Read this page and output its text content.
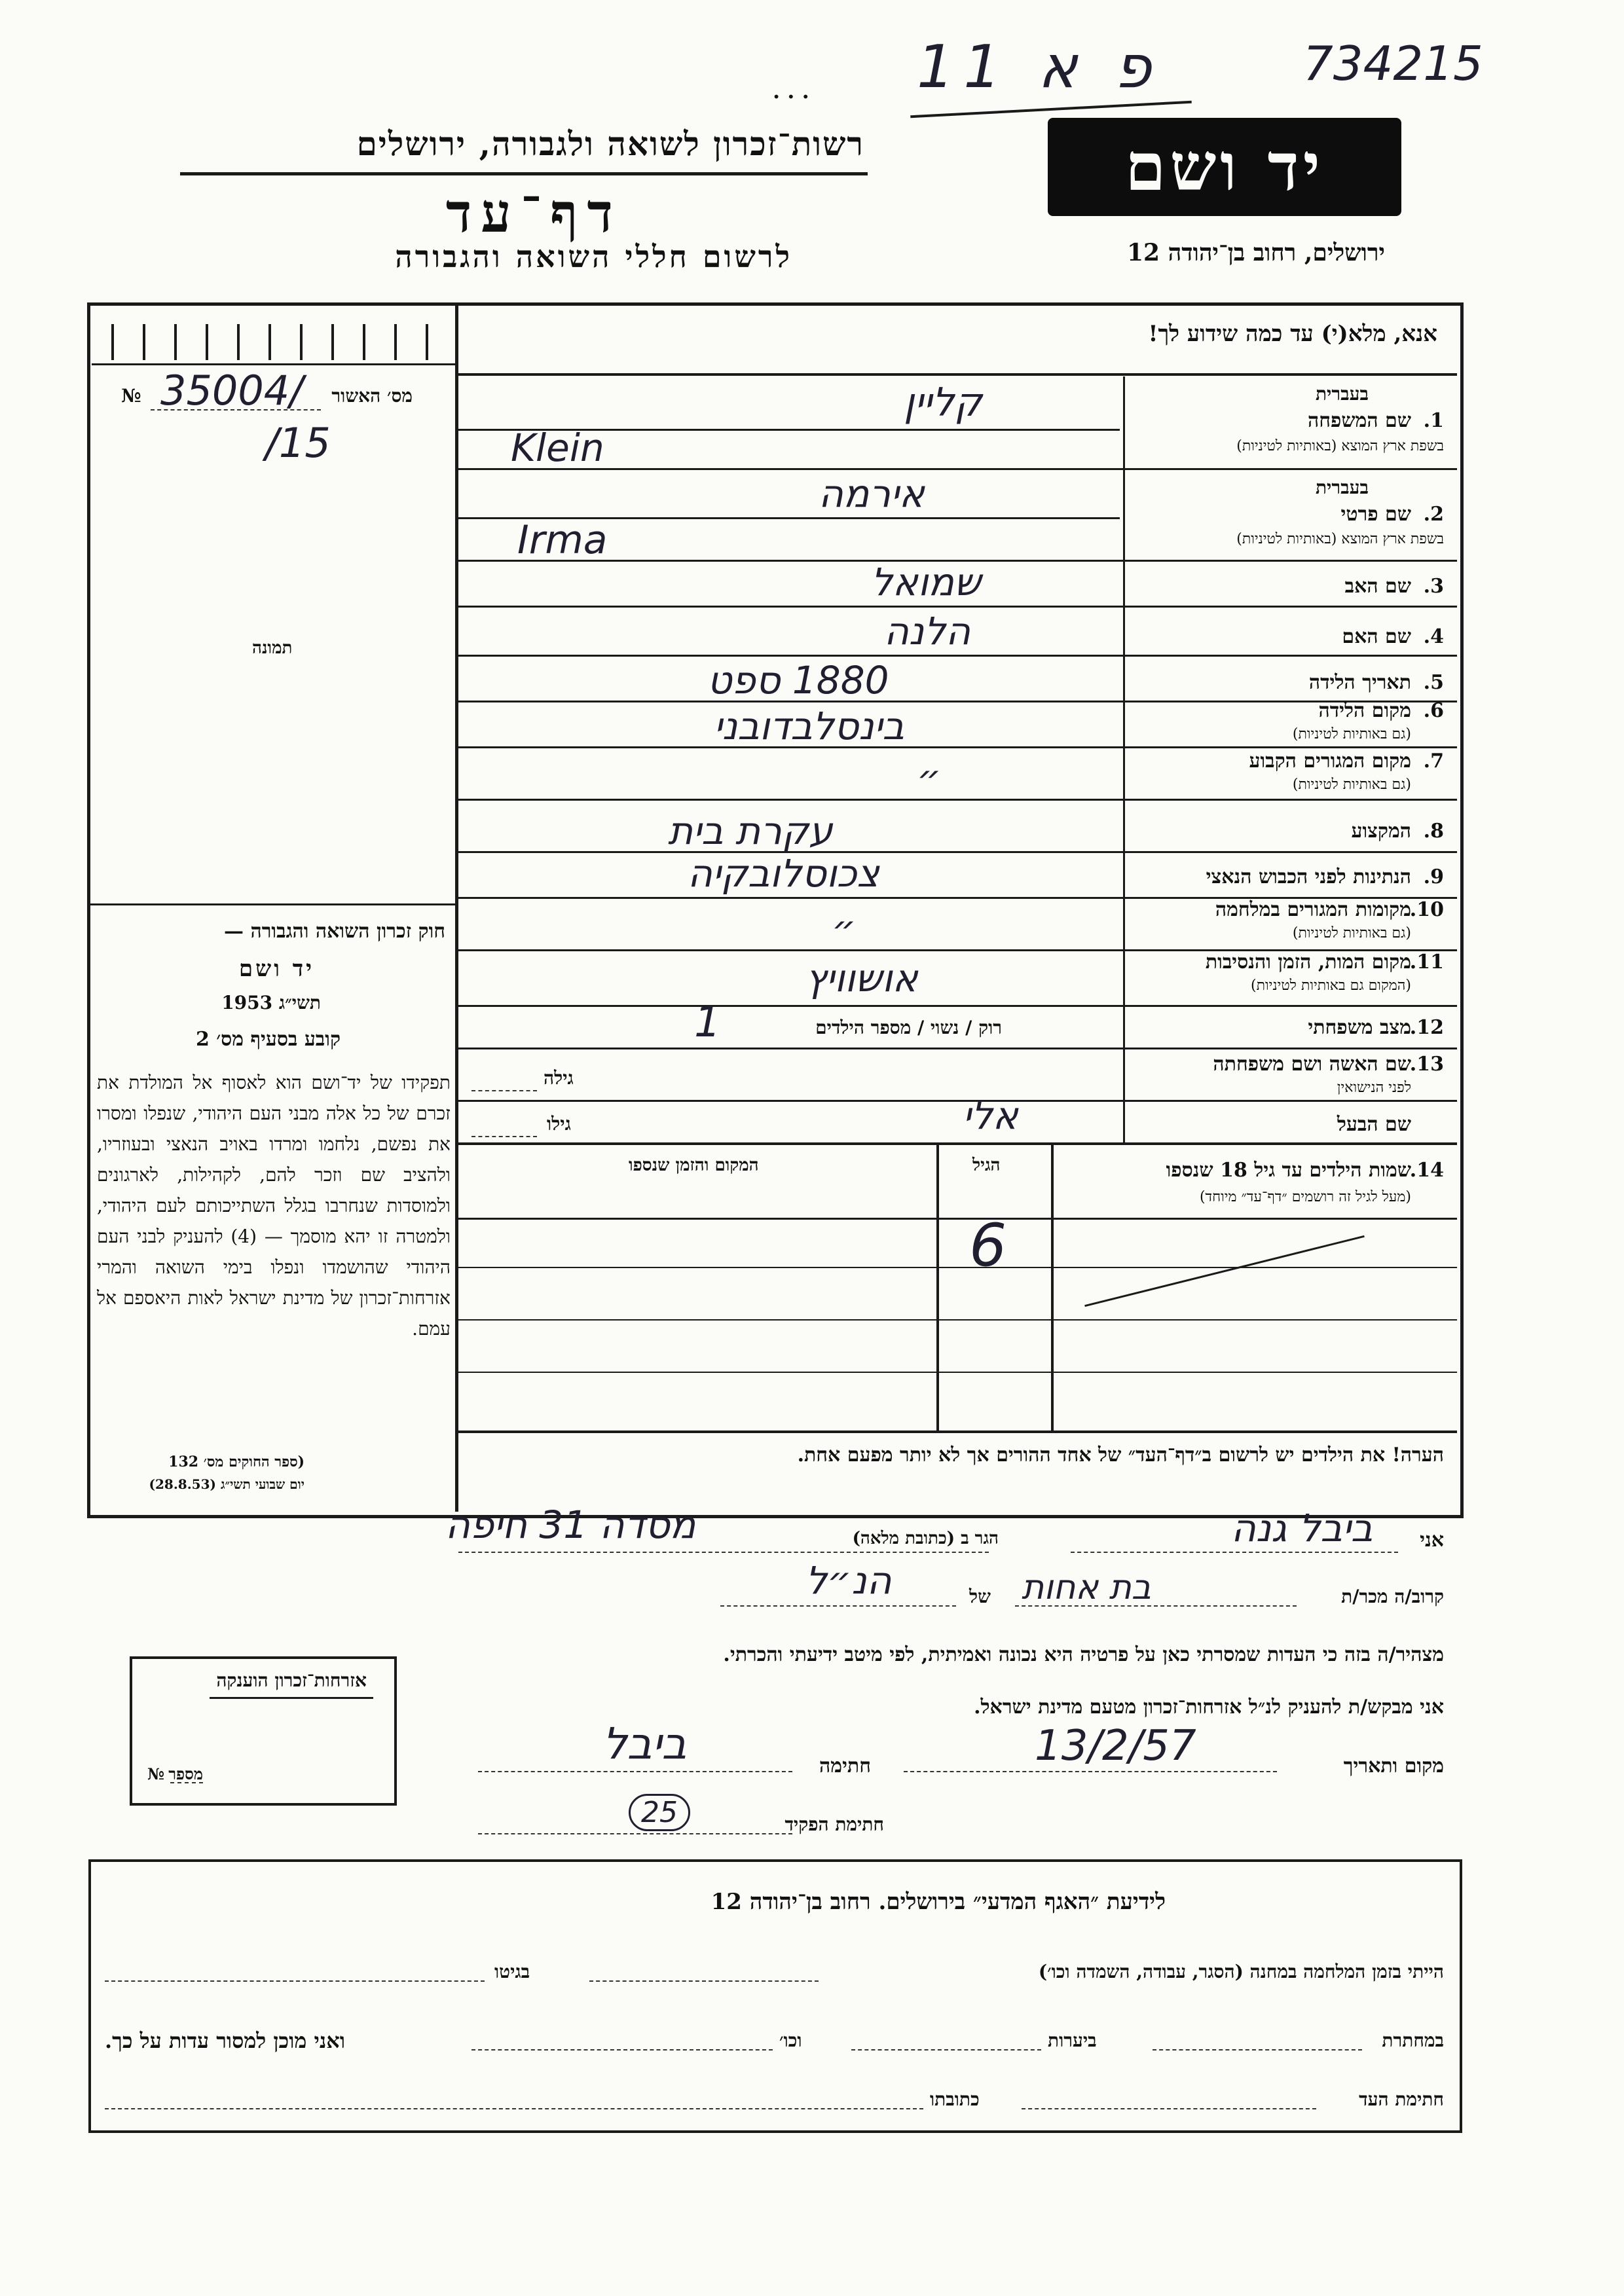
פ א 11	734215
. . .
רשות־זכרון לשואה ולגבורה, ירושלים
דף־עד
לרשום חללי השואה והגבורה
יד ושם
ירושלים, רחוב בן־יהודה 12
אנא, מלא(י) עד כמה שידוע לך!
מס׳ האשור
№ 35004/
/15
תמונה
1.
שם המשפחה
בעברית
בשפת ארץ המוצא (באותיות לטיניות)
קליין
Klein
2.
שם פרטי
בעברית
בשפת ארץ המוצא (באותיות לטיניות)
אירמה
Irma
3.
שם האב
שמואל
4.
שם האם
הלנה
5.
תאריך הלידה
1880 ספט
6.
מקום הלידה
(גם באותיות לטיניות)
בינסלבדובני
7.
מקום המגורים הקבוע
(גם באותיות לטיניות)
״
8.
המקצוע
עקרת בית
9.
הנתינות לפני הכבוש הנאצי
צכוסלובקיה
10.
מקומות המגורים במלחמה
(גם באותיות לטיניות)
״
11.
מקום המות, הזמן והנסיבות
(המקום גם באותיות לטיניות)
אושוויץ
12.
מצב משפחתי
רוק / נשוי / מספר הילדים
1
13.
שם האשה ושם משפחתה
לפני הנישואין
גילה
שם הבעל
אלי
גילו
14.
שמות הילדים עד גיל 18 שנספו
(מעל לגיל זה רושמים ״דף־עד״ מיוחד)
הגיל
המקום והזמן שנספו
6
הערה! את הילדים יש לרשום ב״דף־העד״ של אחד ההורים אך לא יותר מפעם אחת.
חוק זכרון השואה והגבורה —
יד ושם
תשי״ג 1953
קובע בסעיף מס׳ 2
תפקידו של יד־ושם הוא לאסוף אל המולדת את זכרם של כל אלה מבני העם היהודי, שנפלו ומסרו את נפשם, נלחמו ומרדו באויב הנאצי ובעוזריו, ולהציב שם וזכר להם, לקהילות, לארגונים ולמוסדות שנחרבו בגלל השתייכותם לעם היהודי, ולמטרה זו יהא מוסמך — (4) להעניק לבני העם היהודי שהושמדו ונפלו בימי השואה והמרי אזרחות־זכרון של מדינת ישראל לאות היאספם אל עמם.
(ספר החוקים מס׳ 132
יום שבועי תשי״ג (28.8.53)
אני
ביבל גנה
הגר ב (כתובת מלאה)
מסדה 31 חיפה
קרוב/ה מכר/ת
בת אחות
של
הנ״ל
מצהיר/ה בזה כי העדות שמסרתי כאן על פרטיה היא נכונה ואמיתית, לפי מיטב ידיעתי והכרתי.
אני מבקש/ת להעניק לנ״ל אזרחות־זכרון מטעם מדינת ישראל.
מקום ותאריך
13/2/57
חתימה
ביבל
חתימת הפקיד
25
אזרחות־זכרון הוענקה
מספר
№
לידיעת ״האגף המדעי״ בירושלים. רחוב בן־יהודה 12
הייתי בזמן המלחמה במחנה (הסגר, עבודה, השמדה וכו׳)
בגיטו
במחתרת
ביערות
וכו׳
ואני מוכן למסור עדות על כך.
חתימת העד
כתובתו
